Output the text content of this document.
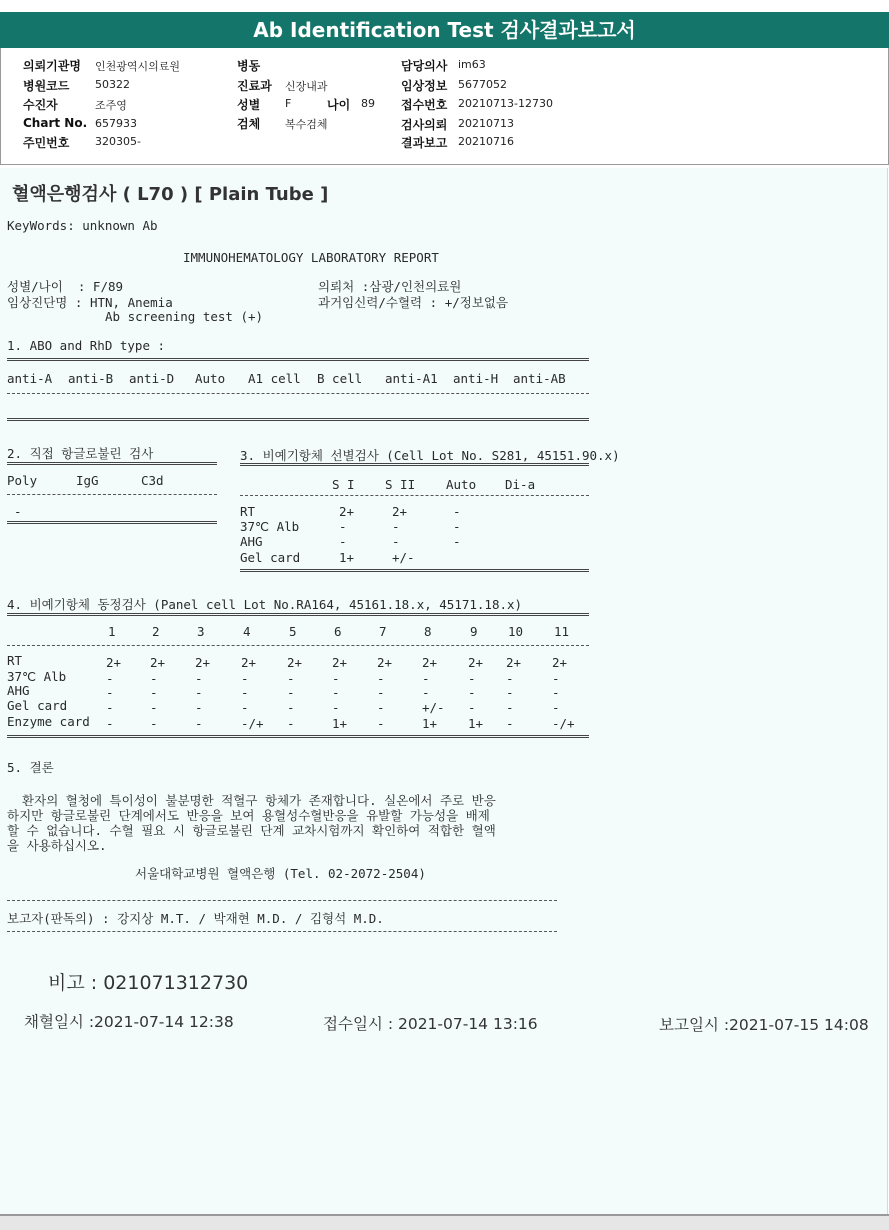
Ab Identification Test 검사결과보고서
의뢰기관명 인천광역시의료원
병원코드 50322
수진자	조주영
Chart No. 657933
주민번호 320305-
병동
진료과 신장내과
성별 F
검체 복수검체
나이 89
담당의사 im63
임상정보 5677052
접수번호 20210713-12730
검사의뢰 20210713
결과보고 20210716
혈액은행검사 ( L70 ) [ Plain Tube ]
KeyWords: unknown Ab
IMMUNOHEMATOLOGY LABORATORY REPORT
성별/나이  : F/89
임상진단명 : HTN, Anemia
Ab screening test (+)
의뢰처 :삼광/인천의료원
과거임신력/수혈력 : +/정보없음
1. ABO and RhD type :
anti-A anti-B anti-D Auto A1 cell B cell anti-A1 anti-H anti-AB
2. 직접 항글로불린 검사
Poly	IgG	C3d
-
3. 비예기항체 선별검사 (Cell Lot No. S281, 45151.90.x)
S I S II Auto Di-a
RT	2+	2+	-
37℃ Alb	-	-	-
AHG	-	-	-
Gel card	1+	+/-
4. 비예기항체 동정검사 (Panel cell Lot No.RA164, 45161.18.x, 45171.18.x)
1	2	3	4	5	6	7	8	9 10 11
RT	2+ 2+ 2+ 2+ 2+ 2+ 2+ 2+ 2+ 2+ 2+
37℃ Alb	-	-	-	-	-	-	-	-	- -	-
AHG	-	-	-	-	-	-	-	-	- -	-
Gel card	-	-	-	-	-	-	-	+/- - -	-
Enzyme card -	-	-	-/+ -	1+ -	1+ 1+ -	-/+
5. 결론
환자의 혈청에 특이성이 불분명한 적혈구 항체가 존재합니다. 실온에서 주로 반응
하지만 항글로불린 단계에서도 반응을 보여 용혈성수혈반응을 유발할 가능성을 배제
할 수 없습니다. 수혈 필요 시 항글로불린 단계 교차시험까지 확인하여 적합한 혈액
을 사용하십시오.
서울대학교병원 혈액은행 (Tel. 02-2072-2504)
보고자(판독의) : 강지상 M.T. / 박재현 M.D. / 김형석 M.D.
비고 : 021071312730
채혈일시 :2021-07-14 12:38	접수일시 : 2021-07-14 13:16	보고일시 :2021-07-15 14:08
